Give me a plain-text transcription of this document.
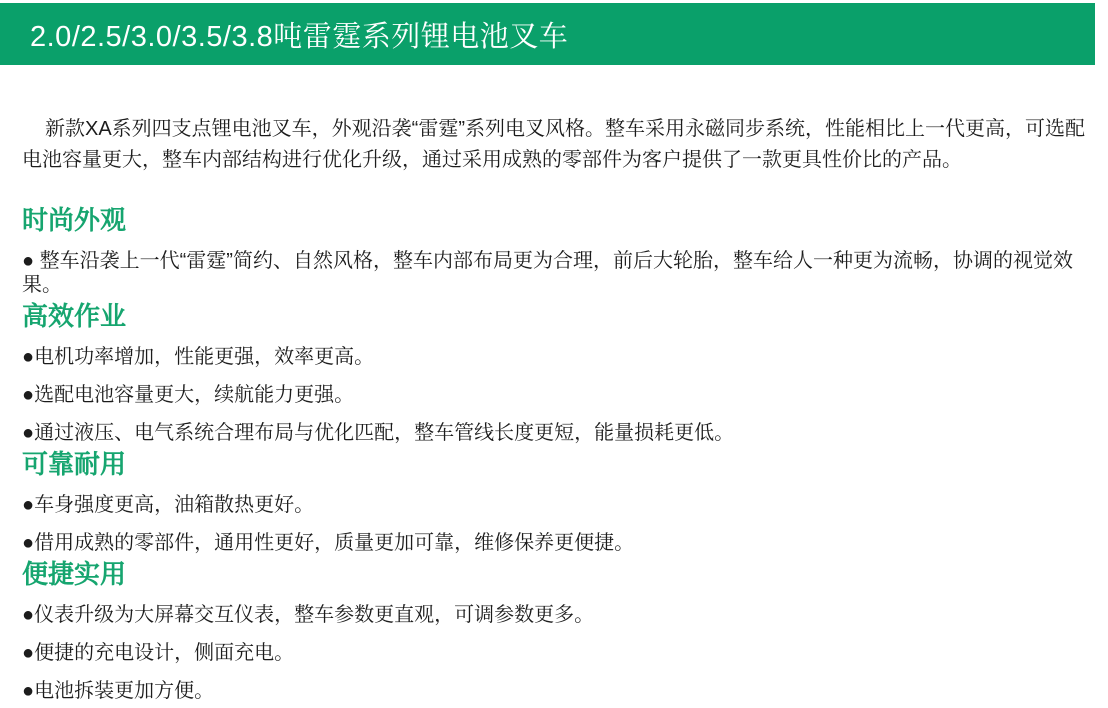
2.0/2.5/3.0/3.5/3.8吨雷霆系列锂电池叉车

新款XA系列四支点锂电池叉车，外观沿袭“雷霆”系列电叉风格。整车采用永磁同步系统，性能相比上一代更高，可选配电池容量更大，整车内部结构进行优化升级，通过采用成熟的零部件为客户提供了一款更具性价比的产品。

时尚外观

● 整车沿袭上一代“雷霆”简约、自然风格，整车内部布局更为合理，前后大轮胎，整车给人一种更为流畅，协调的视觉效果。

高效作业

●电机功率增加，性能更强，效率更高。

●选配电池容量更大，续航能力更强。

●通过液压、电气系统合理布局与优化匹配，整车管线长度更短，能量损耗更低。

可靠耐用

●车身强度更高，油箱散热更好。

●借用成熟的零部件，通用性更好，质量更加可靠，维修保养更便捷。

便捷实用

●仪表升级为大屏幕交互仪表，整车参数更直观，可调参数更多。

●便捷的充电设计，侧面充电。

●电池拆装更加方便。
